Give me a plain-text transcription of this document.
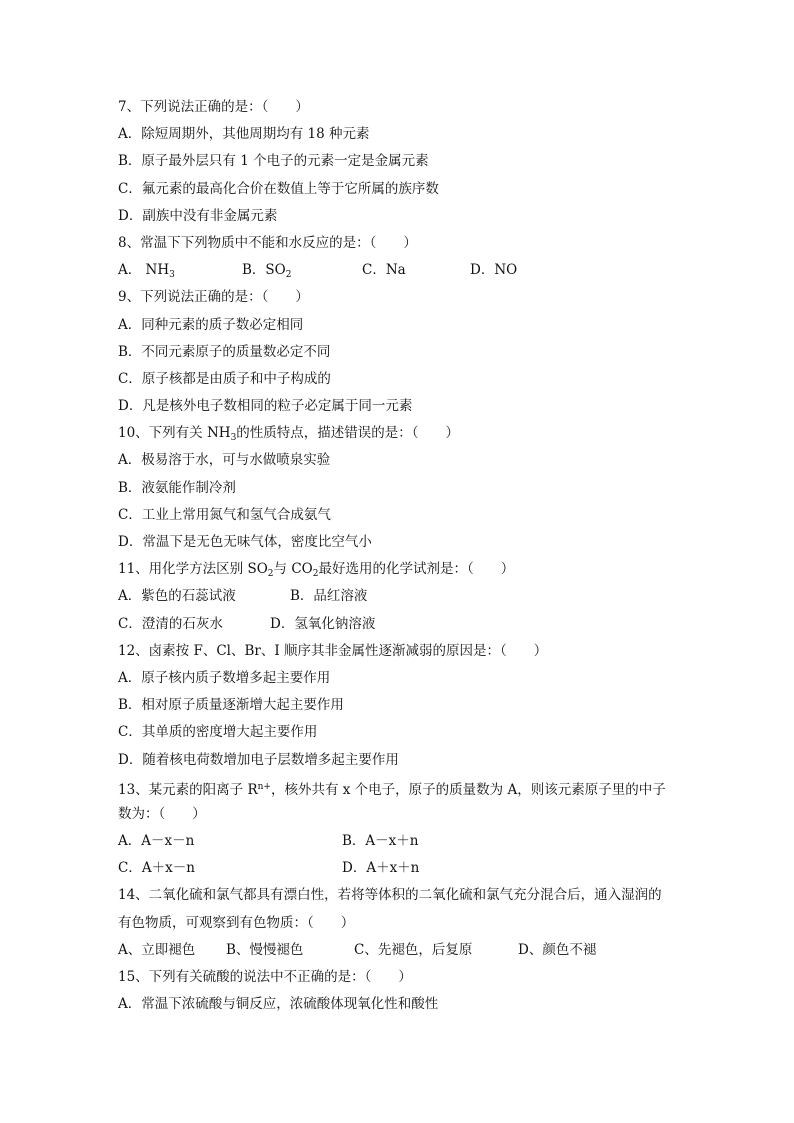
7、下列说法正确的是：（　　）
A．除短周期外，其他周期均有 18 种元素
B．原子最外层只有 1 个电子的元素一定是金属元素
C．氟元素的最高化合价在数值上等于它所属的族序数
D．副族中没有非金属元素
8、常温下下列物质中不能和水反应的是：（　　）
A． $NH_3$	B．$SO_2$	C．Na	D．NO
9、下列说法正确的是：（　　）
A．同种元素的质子数必定相同
B．不同元素原子的质量数必定不同
C．原子核都是由质子和中子构成的
D．凡是核外电子数相同的粒子必定属于同一元素
10、下列有关 $NH_3$的性质特点，描述错误的是：（　　）
A．极易溶于水，可与水做喷泉实验
B．液氨能作制冷剂
C．工业上常用氮气和氢气合成氨气
D．常温下是无色无味气体，密度比空气小
11、用化学方法区别 $SO_2$与 $CO_2$最好选用的化学试剂是：（　　）
A．紫色的石蕊试液	B．品红溶液
C．澄清的石灰水	D．氢氧化钠溶液
12、卤素按 F、Cl、Br、I 顺序其非金属性逐渐减弱的原因是：（　　）
A．原子核内质子数增多起主要作用
B．相对原子质量逐渐增大起主要作用
C．其单质的密度增大起主要作用
D．随着核电荷数增加电子层数增多起主要作用
13、某元素的阳离子 $R^{n+}$，核外共有 x 个电子，原子的质量数为 A，则该元素原子里的中子
数为：（　　）
A．A－x－n	B．A－x＋n
C．A＋x－n	D．A＋x＋n
14、二氧化硫和氯气都具有漂白性，若将等体积的二氧化硫和氯气充分混合后，通入湿润的
有色物质，可观察到有色物质：（　　）
A、立即褪色 B、慢慢褪色	C、先褪色，后复原	D、颜色不褪
15、下列有关硫酸的说法中不正确的是：（　　）
A．常温下浓硫酸与铜反应，浓硫酸体现氧化性和酸性
